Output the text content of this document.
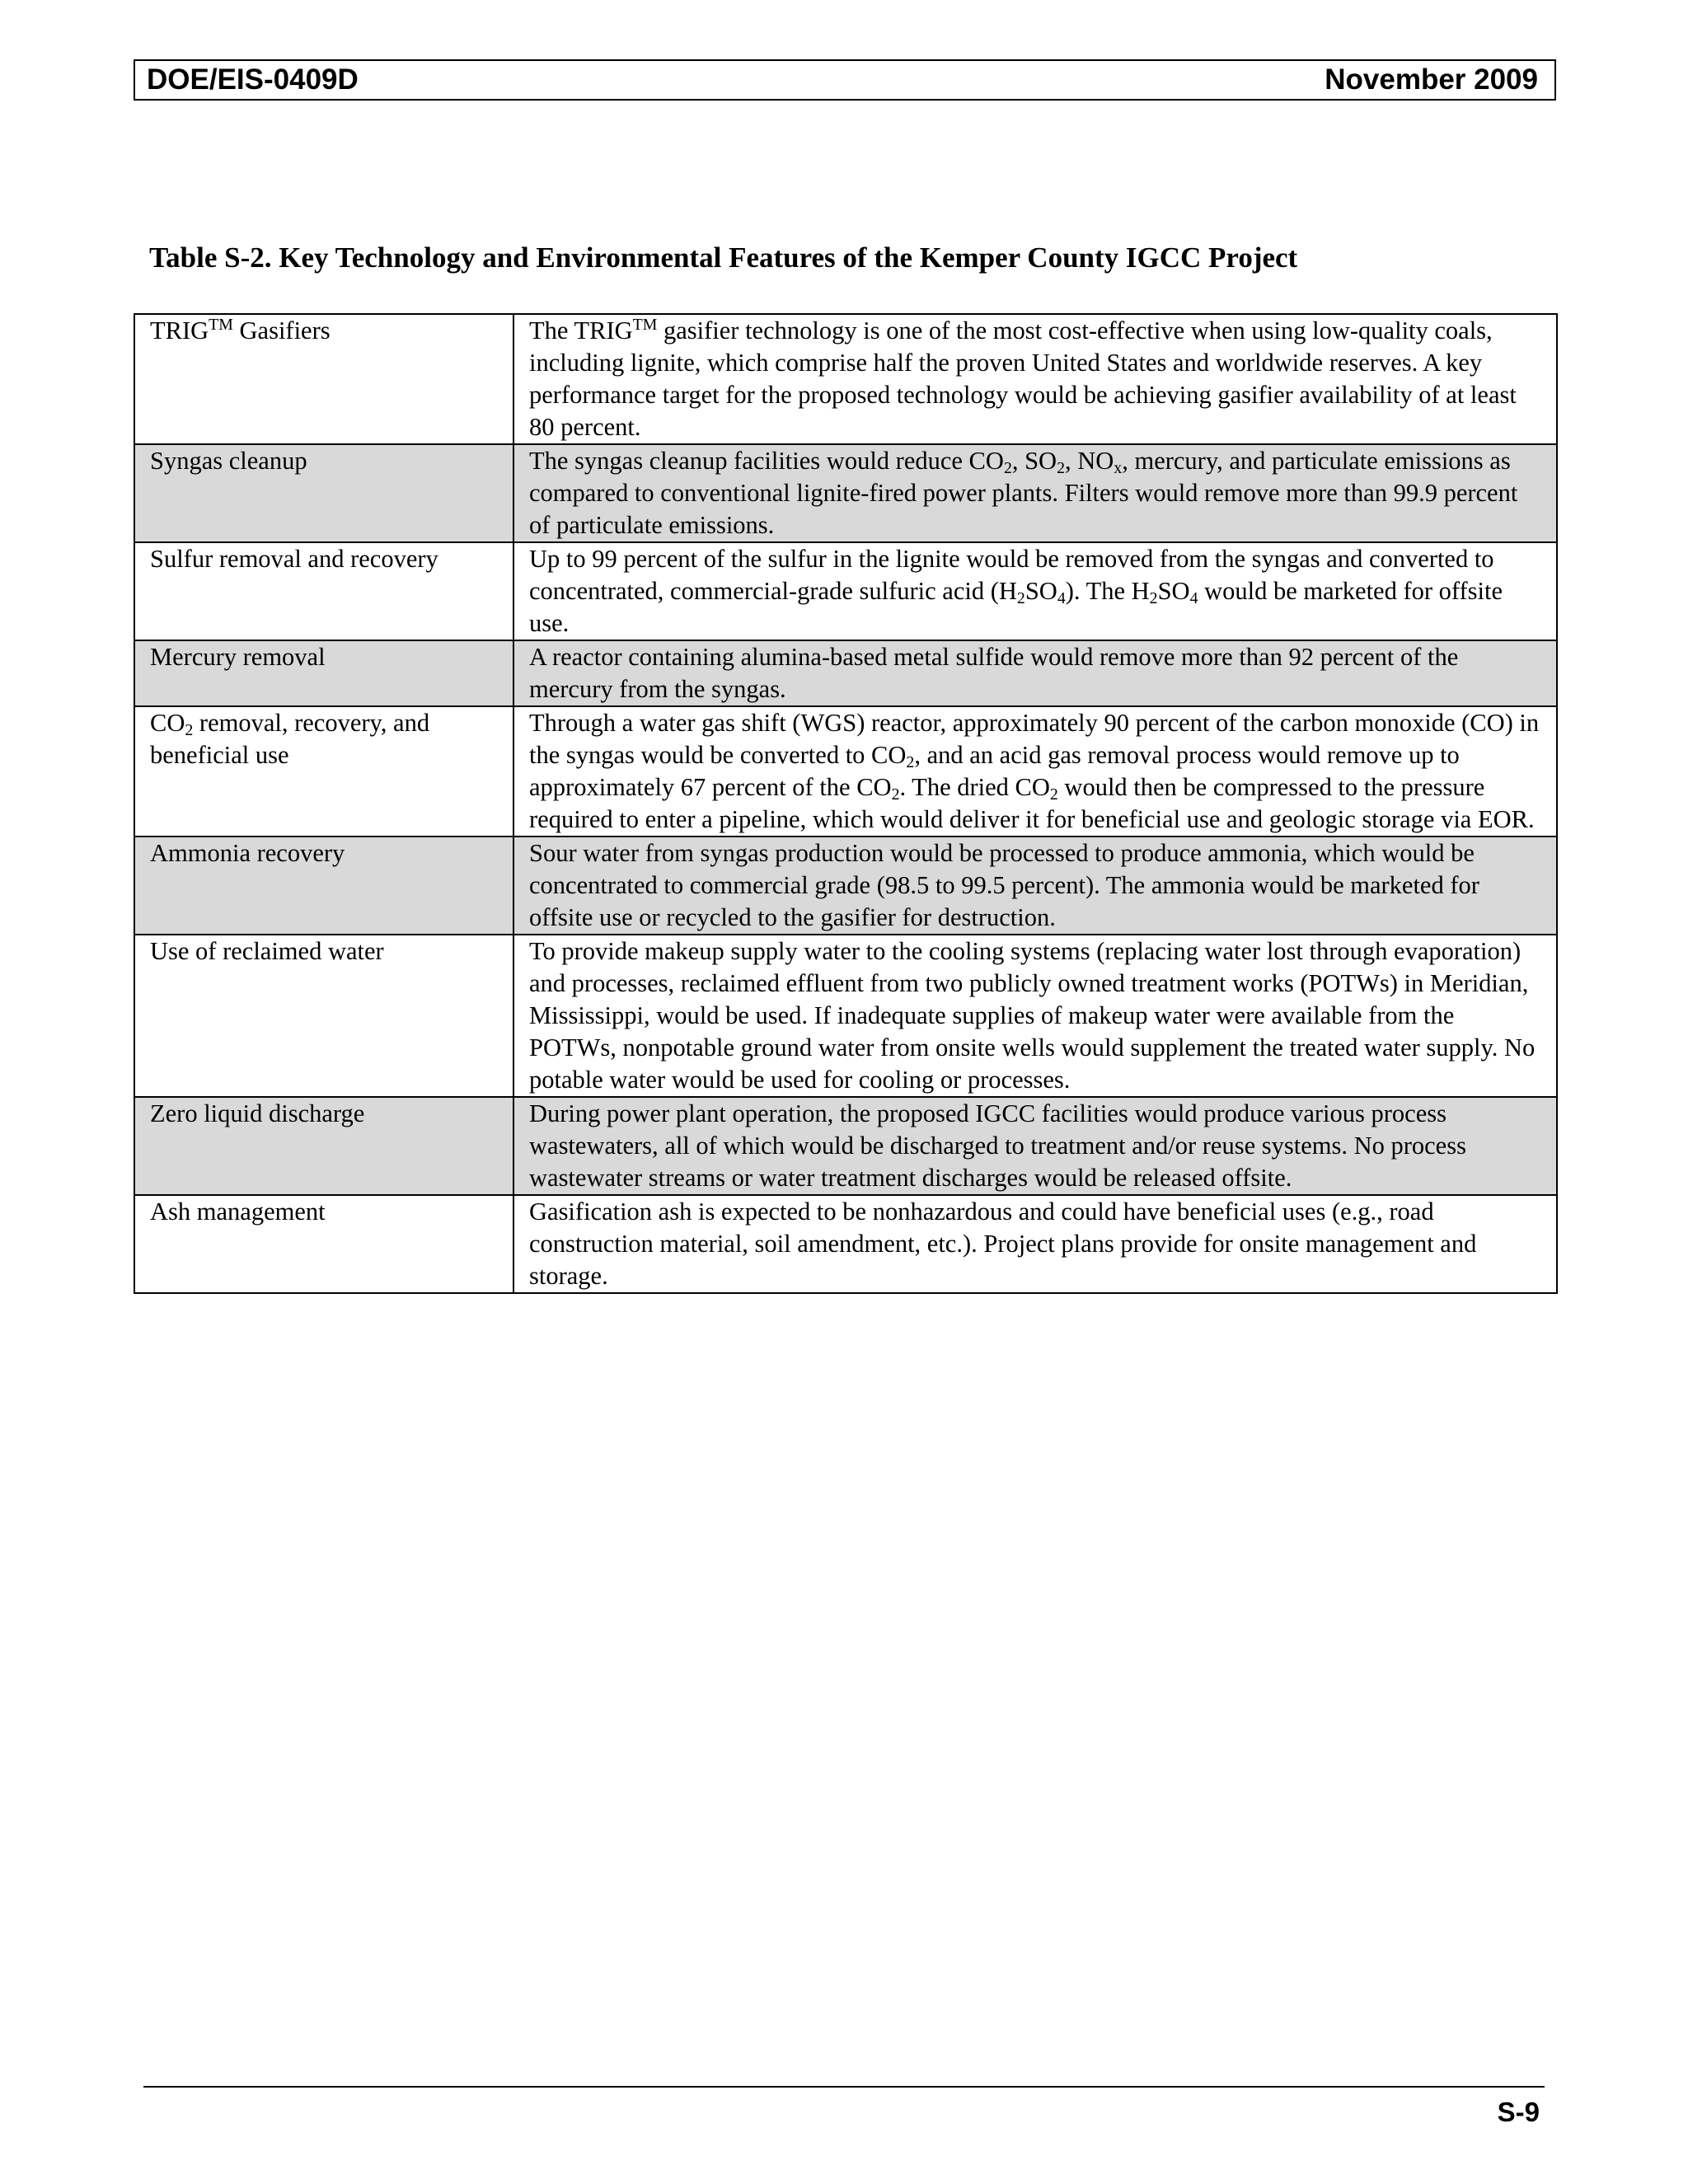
DOE/EIS-0409D	November 2009
Table S-2. Key Technology and Environmental Features of the Kemper County IGCC Project
TRIG™ Gasifiers	The TRIG™ gasifier technology is one of the most cost-effective when using low-quality coals, including lignite, which comprise half the proven United States and worldwide reserves. A key performance target for the proposed technology would be achieving gasifier availability of at least 80 percent.
Syngas cleanup	The syngas cleanup facilities would reduce $CO_2$, $SO_2$, $NO_x$, mercury, and particulate emissions as compared to conventional lignite-fired power plants. Filters would remove more than 99.9 percent of particulate emissions.
Sulfur removal and recovery	Up to 99 percent of the sulfur in the lignite would be removed from the syngas and converted to concentrated, commercial-grade sulfuric acid $(H_2SO_4)$. The $H_2SO_4$ would be marketed for offsite use.
Mercury removal	A reactor containing alumina-based metal sulfide would remove more than 92 percent of the mercury from the syngas.
$CO_2$ removal, recovery, and beneficial use	Through a water gas shift (WGS) reactor, approximately 90 percent of the carbon monoxide (CO) in the syngas would be converted to $CO_2$, and an acid gas removal process would remove up to approximately 67 percent of the $CO_2$. The dried $CO_2$ would then be compressed to the pressure required to enter a pipeline, which would deliver it for beneficial use and geologic storage via EOR.
Ammonia recovery	Sour water from syngas production would be processed to produce ammonia, which would be concentrated to commercial grade (98.5 to 99.5 percent). The ammonia would be marketed for offsite use or recycled to the gasifier for destruction.
Use of reclaimed water	To provide makeup supply water to the cooling systems (replacing water lost through evaporation) and processes, reclaimed effluent from two publicly owned treatment works (POTWs) in Meridian, Mississippi, would be used. If inadequate supplies of makeup water were available from the POTWs, nonpotable ground water from onsite wells would supplement the treated water supply. No potable water would be used for cooling or processes.
Zero liquid discharge	During power plant operation, the proposed IGCC facilities would produce various process wastewaters, all of which would be discharged to treatment and/or reuse systems. No process wastewater streams or water treatment discharges would be released offsite.
Ash management	Gasification ash is expected to be nonhazardous and could have beneficial uses (e.g., road construction material, soil amendment, etc.). Project plans provide for onsite management and storage.
S-9
